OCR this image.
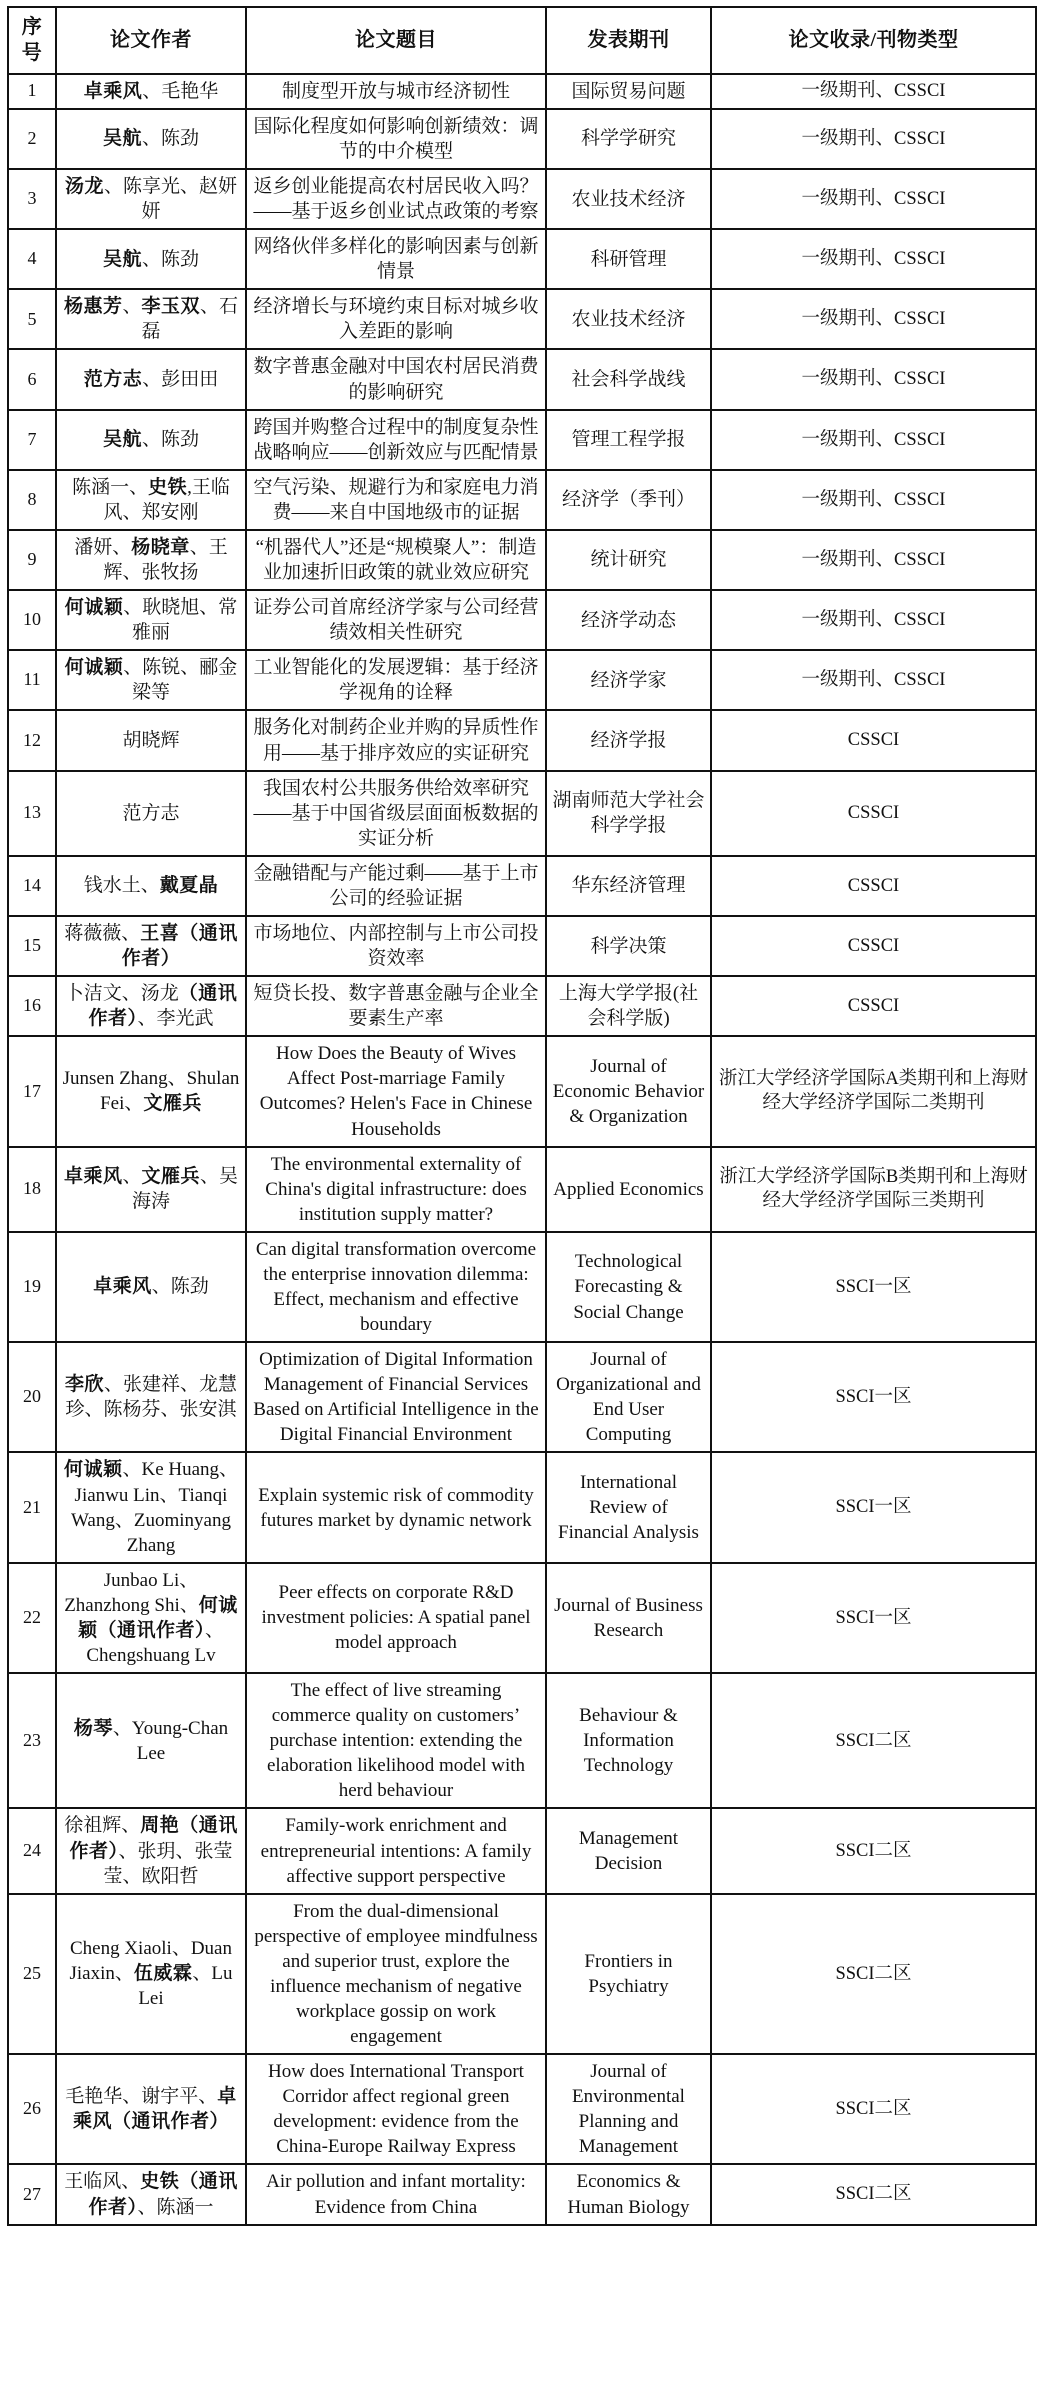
序号	论文作者	论文题目	发表期刊	论文收录/刊物类型
1	卓乘风、毛艳华	制度型开放与城市经济韧性	国际贸易问题	一级期刊、CSSCI
2	吴航、陈劲	国际化程度如何影响创新绩效：调节的中介模型	科学学研究	一级期刊、CSSCI
3	汤龙、陈享光、赵妍妍	返乡创业能提高农村居民收入吗？——基于返乡创业试点政策的考察	农业技术经济	一级期刊、CSSCI
4	吴航、陈劲	网络伙伴多样化的影响因素与创新情景	科研管理	一级期刊、CSSCI
5	杨惠芳、李玉双、石磊	经济增长与环境约束目标对城乡收入差距的影响	农业技术经济	一级期刊、CSSCI
6	范方志、彭田田	数字普惠金融对中国农村居民消费的影响研究	社会科学战线	一级期刊、CSSCI
7	吴航、陈劲	跨国并购整合过程中的制度复杂性战略响应——创新效应与匹配情景	管理工程学报	一级期刊、CSSCI
8	陈涵一、史铁,王临风、郑安刚	空气污染、规避行为和家庭电力消费——来自中国地级市的证据	经济学（季刊）	一级期刊、CSSCI
9	潘妍、杨晓章、王辉、张牧扬	“机器代人”还是“规模聚人”：制造业加速折旧政策的就业效应研究	统计研究	一级期刊、CSSCI
10	何诚颖、耿晓旭、常雅丽	证券公司首席经济学家与公司经营绩效相关性研究	经济学动态	一级期刊、CSSCI
11	何诚颖、陈锐、郦金梁等	工业智能化的发展逻辑：基于经济学视角的诠释	经济学家	一级期刊、CSSCI
12	胡晓辉	服务化对制药企业并购的异质性作用——基于排序效应的实证研究	经济学报	CSSCI
13	范方志	我国农村公共服务供给效率研究——基于中国省级层面面板数据的实证分析	湖南师范大学社会科学学报	CSSCI
14	钱水土、戴夏晶	金融错配与产能过剩——基于上市公司的经验证据	华东经济管理	CSSCI
15	蒋薇薇、王喜（通讯作者）	市场地位、内部控制与上市公司投资效率	科学决策	CSSCI
16	卜洁文、汤龙（通讯作者）、李光武	短贷长投、数字普惠金融与企业全要素生产率	上海大学学报(社会科学版)	CSSCI
17	Junsen Zhang、Shulan Fei、文雁兵	How Does the Beauty of Wives Affect Post-marriage Family Outcomes? Helen's Face in Chinese Households	Journal of Economic Behavior & Organization	浙江大学经济学国际A类期刊和上海财经大学经济学国际二类期刊
18	卓乘风、文雁兵、吴海涛	The environmental externality of China's digital infrastructure: does institution supply matter?	Applied Economics	浙江大学经济学国际B类期刊和上海财经大学经济学国际三类期刊
19	卓乘风、陈劲	Can digital transformation overcome the enterprise innovation dilemma: Effect, mechanism and effective boundary	Technological Forecasting & Social Change	SSCI一区
20	李欣、张建祥、龙慧珍、陈杨芬、张安淇	Optimization of Digital Information Management of Financial Services Based on Artificial Intelligence in the Digital Financial Environment	Journal of Organizational and End User Computing	SSCI一区
21	何诚颖、Ke Huang、Jianwu Lin、Tianqi Wang、Zuominyang Zhang	Explain systemic risk of commodity futures market by dynamic network	International Review of Financial Analysis	SSCI一区
22	Junbao Li、Zhanzhong Shi、何诚颖（通讯作者）、Chengshuang Lv	Peer effects on corporate R&D investment policies: A spatial panel model approach	Journal of Business Research	SSCI一区
23	杨琴、Young-Chan Lee	The effect of live streaming commerce quality on customers’ purchase intention: extending the elaboration likelihood model with herd behaviour	Behaviour & Information Technology	SSCI二区
24	徐祖辉、周艳（通讯作者）、张玥、张莹莹、欧阳哲	Family-work enrichment and entrepreneurial intentions: A family affective support perspective	Management Decision	SSCI二区
25	Cheng Xiaoli、Duan Jiaxin、伍威霖、Lu Lei	From the dual-dimensional perspective of employee mindfulness and superior trust, explore the influence mechanism of negative workplace gossip on work engagement	Frontiers in Psychiatry	SSCI二区
26	毛艳华、谢宇平、卓乘风（通讯作者）	How does International Transport Corridor affect regional green development: evidence from the China-Europe Railway Express	Journal of Environmental Planning and Management	SSCI二区
27	王临风、史铁（通讯作者）、陈涵一	Air pollution and infant mortality: Evidence from China	Economics & Human Biology	SSCI二区
